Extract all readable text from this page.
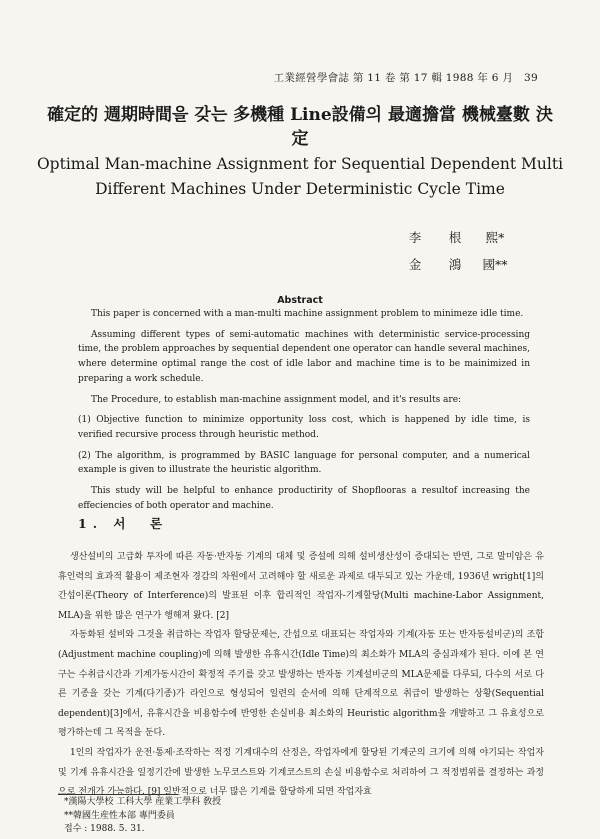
工業經營學會誌 第 11 卷 第 17 輯 1988 年 6 月　39
確定的 週期時間을 갖는 多機種 Line設備의 最適擔當 機械臺數 決定
Optimal Man-machine Assignment for Sequential Dependent Multi Different Machines Under Deterministic Cycle Time
李	根	熙*
金	鴻	國**
Abstract

This paper is concerned with a man-multi machine assignment problem to minimeze idle time.

Assuming different types of semi-automatic machines with deterministic service-processing time, the problem approaches by sequential dependent one operator can handle several machines, where determine optimal range the cost of idle labor and machine time is to be mainimized in preparing a work schedule.

The Procedure, to establish man-machine assignment model, and it's results are:

(1) Objective function to minimize opportunity loss cost, which is happened by idle time, is verified recursive process through heuristic method.

(2) The algorithm, is programmed by BASIC language for personal computer, and a numerical example is given to illustrate the heuristic algorithm.

This study will be helpful to enhance productirity of Shopflooras a resultof increasing the effeciencies of both operator and machine.

1. 서　론

생산설비의 고급화 투자에 따른 자동·반자동 기계의 대체 및 증설에 의해 설비생산성이 증대되는 반면, 그로 말미암은 유휴인력의 효과적 활용이 제조현자 경감의 차원에서 고려해야 할 새로운 과제로 대두되고 있는 가운데, 1936년 wright[1]의 간섭이론(Theory of Interference)의 발표된 이후 합리적인 작업자-기계할당(Multi machine-Labor Assignment, MLA)을 위한 많은 연구가 행해져 왔다. [2]

자동화된 설비와 그것을 취급하는 작업자 할당문제는, 간섭으로 대표되는 작업자와 기계(자동 또는 반자동설비군)의 조합(Adjustment machine coupling)에 의해 발생한 유휴시간(Idle Time)의 최소화가 MLA의 중심과제가 된다. 이에 본 연구는 수취급시간과 기계가동시간이 확정적 주기를 갖고 발생하는 반자동 기계설비군의 MLA문제를 다루되, 다수의 서로 다른 기종을 갖는 기계(다기종)가 라인으로 형성되어 일련의 순서에 의해 단계적으로 취급이 발생하는 상황(Sequential dependent)[3]에서, 유휴시간을 비용함수에 반영한 손실비용 최소화의 Heuristic algorithm을 개발하고 그 유효성으로 평가하는데 그 목적을 둔다.

1인의 작업자가 운전·통제·조작하는 적정 기계대수의 산정은, 작업자에게 할당된 기계군의 크기에 의해 야기되는 작업자및 기계 유휴시간을 일정기간에 발생한 노무코스트와 기계코스트의 손실 비용함수로 처리하여 그 적정범위를 결정하는 과정으로 전개가 가능하다. [9] 일반적으로 너무 많은 기계를 할당하게 되면 작업자효

*漢陽大學校 工科大學 産業工學科 敎授
**韓國生産性本部 專門委員
접수 : 1988. 5. 31.
